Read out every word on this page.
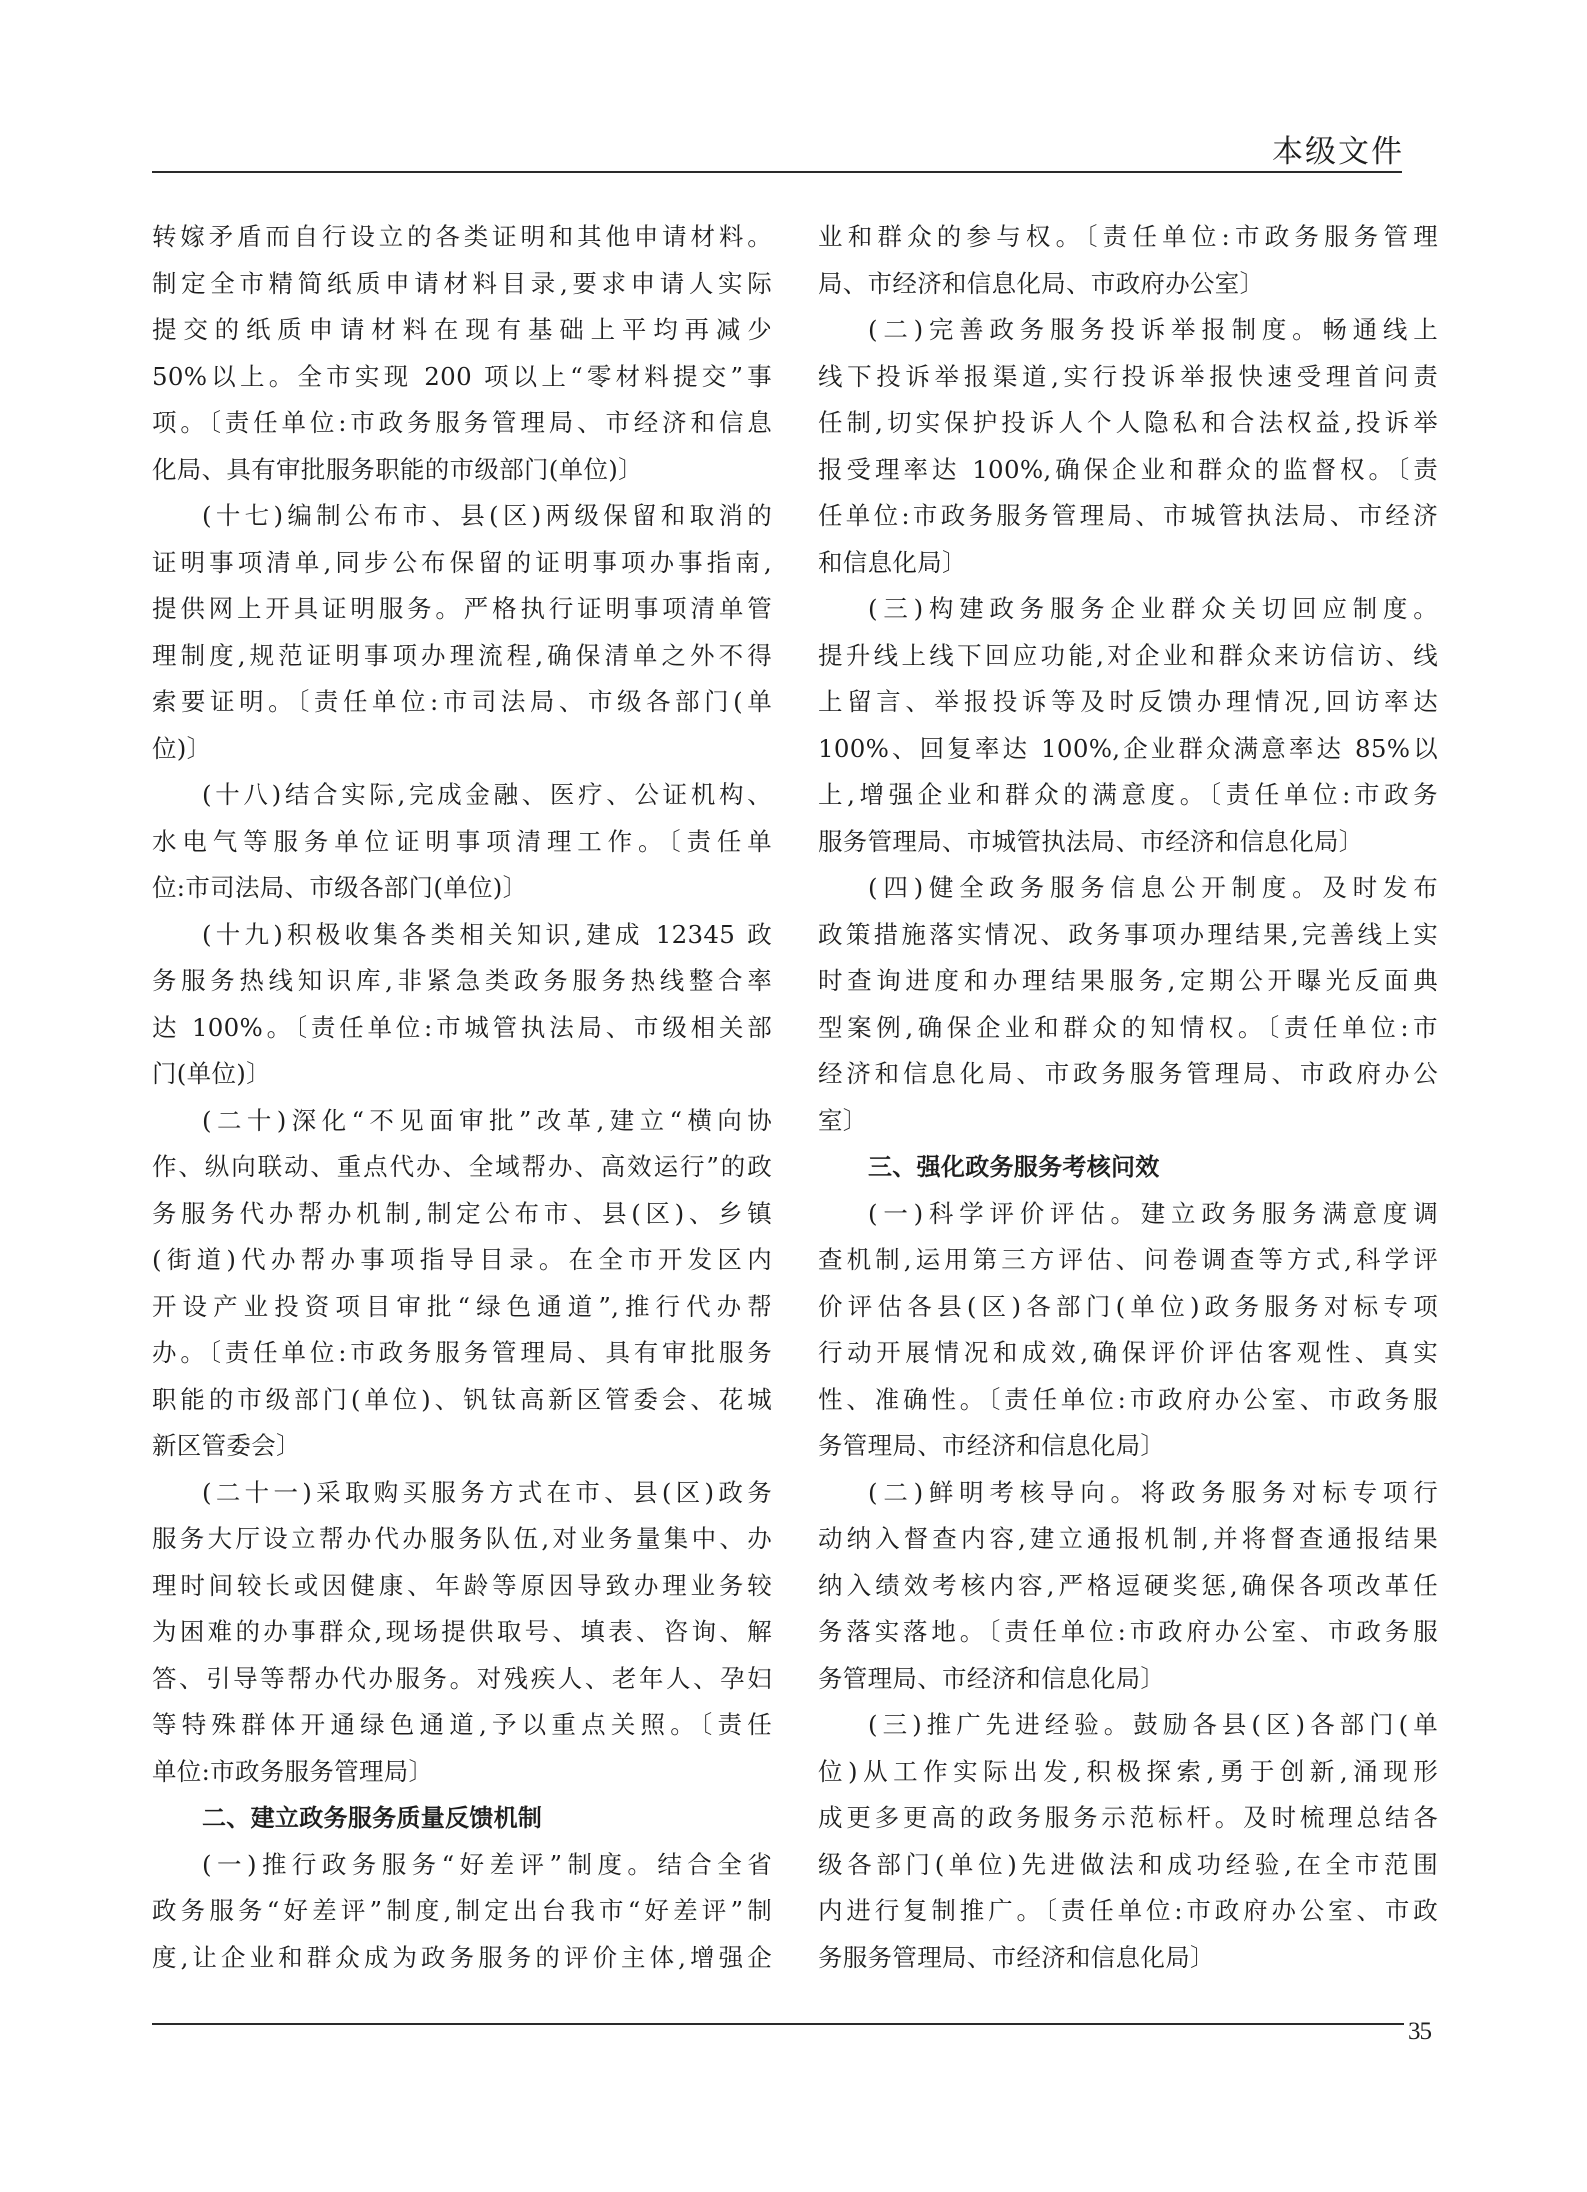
本级文件
转嫁矛盾而自行设立的各类证明和其他申请材料。
制定全市精简纸质申请材料目录,要求申请人实际
提交的纸质申请材料在现有基础上平均再减少
50%以上。全市实现 200 项以上“零材料提交”事
项。〔责任单位:市政务服务管理局、市经济和信息
化局、具有审批服务职能的市级部门(单位)〕
(十七)编制公布市、县(区)两级保留和取消的
证明事项清单,同步公布保留的证明事项办事指南,
提供网上开具证明服务。严格执行证明事项清单管
理制度,规范证明事项办理流程,确保清单之外不得
索要证明。〔责任单位:市司法局、市级各部门(单
位)〕
(十八)结合实际,完成金融、医疗、公证机构、
水电气等服务单位证明事项清理工作。〔责任单
位:市司法局、市级各部门(单位)〕
(十九)积极收集各类相关知识,建成 12345 政
务服务热线知识库,非紧急类政务服务热线整合率
达 100%。〔责任单位:市城管执法局、市级相关部
门(单位)〕
(二十)深化“不见面审批”改革,建立“横向协
作、纵向联动、重点代办、全域帮办、高效运行”的政
务服务代办帮办机制,制定公布市、县(区)、乡镇
(街道)代办帮办事项指导目录。在全市开发区内
开设产业投资项目审批“绿色通道”,推行代办帮
办。〔责任单位:市政务服务管理局、具有审批服务
职能的市级部门(单位)、钒钛高新区管委会、花城
新区管委会〕
(二十一)采取购买服务方式在市、县(区)政务
服务大厅设立帮办代办服务队伍,对业务量集中、办
理时间较长或因健康、年龄等原因导致办理业务较
为困难的办事群众,现场提供取号、填表、咨询、解
答、引导等帮办代办服务。对残疾人、老年人、孕妇
等特殊群体开通绿色通道,予以重点关照。〔责任
单位:市政务服务管理局〕
二、建立政务服务质量反馈机制
(一)推行政务服务“好差评”制度。结合全省
政务服务“好差评”制度,制定出台我市“好差评”制
度,让企业和群众成为政务服务的评价主体,增强企
业和群众的参与权。〔责任单位:市政务服务管理
局、市经济和信息化局、市政府办公室〕
(二)完善政务服务投诉举报制度。畅通线上
线下投诉举报渠道,实行投诉举报快速受理首问责
任制,切实保护投诉人个人隐私和合法权益,投诉举
报受理率达 100%,确保企业和群众的监督权。〔责
任单位:市政务服务管理局、市城管执法局、市经济
和信息化局〕
(三)构建政务服务企业群众关切回应制度。
提升线上线下回应功能,对企业和群众来访信访、线
上留言、举报投诉等及时反馈办理情况,回访率达
100%、回复率达 100%,企业群众满意率达 85%以
上,增强企业和群众的满意度。〔责任单位:市政务
服务管理局、市城管执法局、市经济和信息化局〕
(四)健全政务服务信息公开制度。及时发布
政策措施落实情况、政务事项办理结果,完善线上实
时查询进度和办理结果服务,定期公开曝光反面典
型案例,确保企业和群众的知情权。〔责任单位:市
经济和信息化局、市政务服务管理局、市政府办公
室〕
三、强化政务服务考核问效
(一)科学评价评估。建立政务服务满意度调
查机制,运用第三方评估、问卷调查等方式,科学评
价评估各县(区)各部门(单位)政务服务对标专项
行动开展情况和成效,确保评价评估客观性、真实
性、准确性。〔责任单位:市政府办公室、市政务服
务管理局、市经济和信息化局〕
(二)鲜明考核导向。将政务服务对标专项行
动纳入督查内容,建立通报机制,并将督查通报结果
纳入绩效考核内容,严格逗硬奖惩,确保各项改革任
务落实落地。〔责任单位:市政府办公室、市政务服
务管理局、市经济和信息化局〕
(三)推广先进经验。鼓励各县(区)各部门(单
位)从工作实际出发,积极探索,勇于创新,涌现形
成更多更高的政务服务示范标杆。及时梳理总结各
级各部门(单位)先进做法和成功经验,在全市范围
内进行复制推广。〔责任单位:市政府办公室、市政
务服务管理局、市经济和信息化局〕
35
